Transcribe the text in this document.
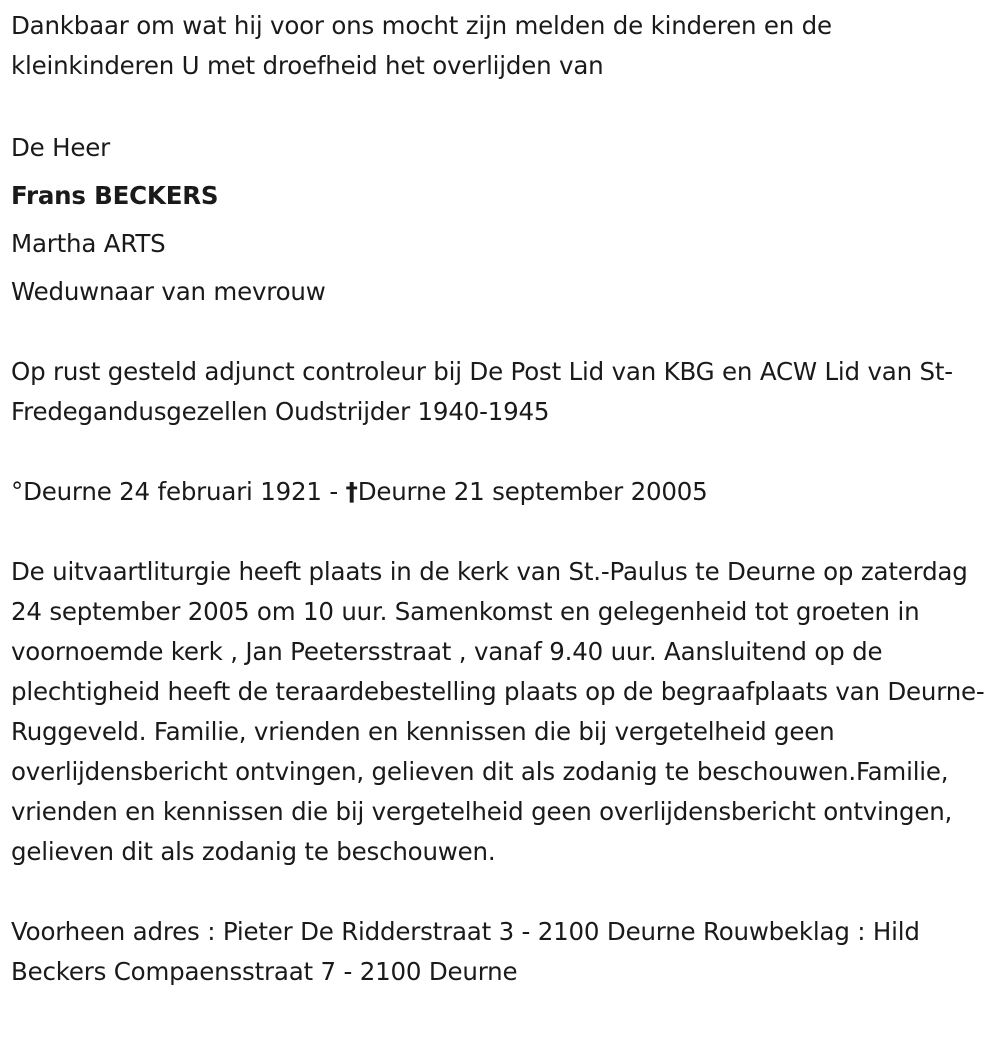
Dankbaar om wat hij voor ons mocht zijn melden de kinderen en de kleinkinderen U met droefheid het overlijden van

De Heer

Frans BECKERS

Martha ARTS

Weduwnaar van mevrouw

Op rust gesteld adjunct controleur bij De Post Lid van KBG en ACW Lid van St-Fredegandusgezellen Oudstrijder 1940-1945

°Deurne 24 februari 1921 - †Deurne 21 september 20005

De uitvaartliturgie heeft plaats in de kerk van St.-Paulus te Deurne op zaterdag 24 september 2005 om 10 uur. Samenkomst en gelegenheid tot groeten in voornoemde kerk , Jan Peetersstraat , vanaf 9.40 uur. Aansluitend op de plechtigheid heeft de teraardebestelling plaats op de begraafplaats van Deurne-Ruggeveld. Familie, vrienden en kennissen die bij vergetelheid geen overlijdensbericht ontvingen, gelieven dit als zodanig te beschouwen.Familie, vrienden en kennissen die bij vergetelheid geen overlijdensbericht ontvingen, gelieven dit als zodanig te beschouwen.

Voorheen adres : Pieter De Ridderstraat 3 - 2100 Deurne Rouwbeklag : Hild Beckers Compaensstraat 7 - 2100 Deurne
